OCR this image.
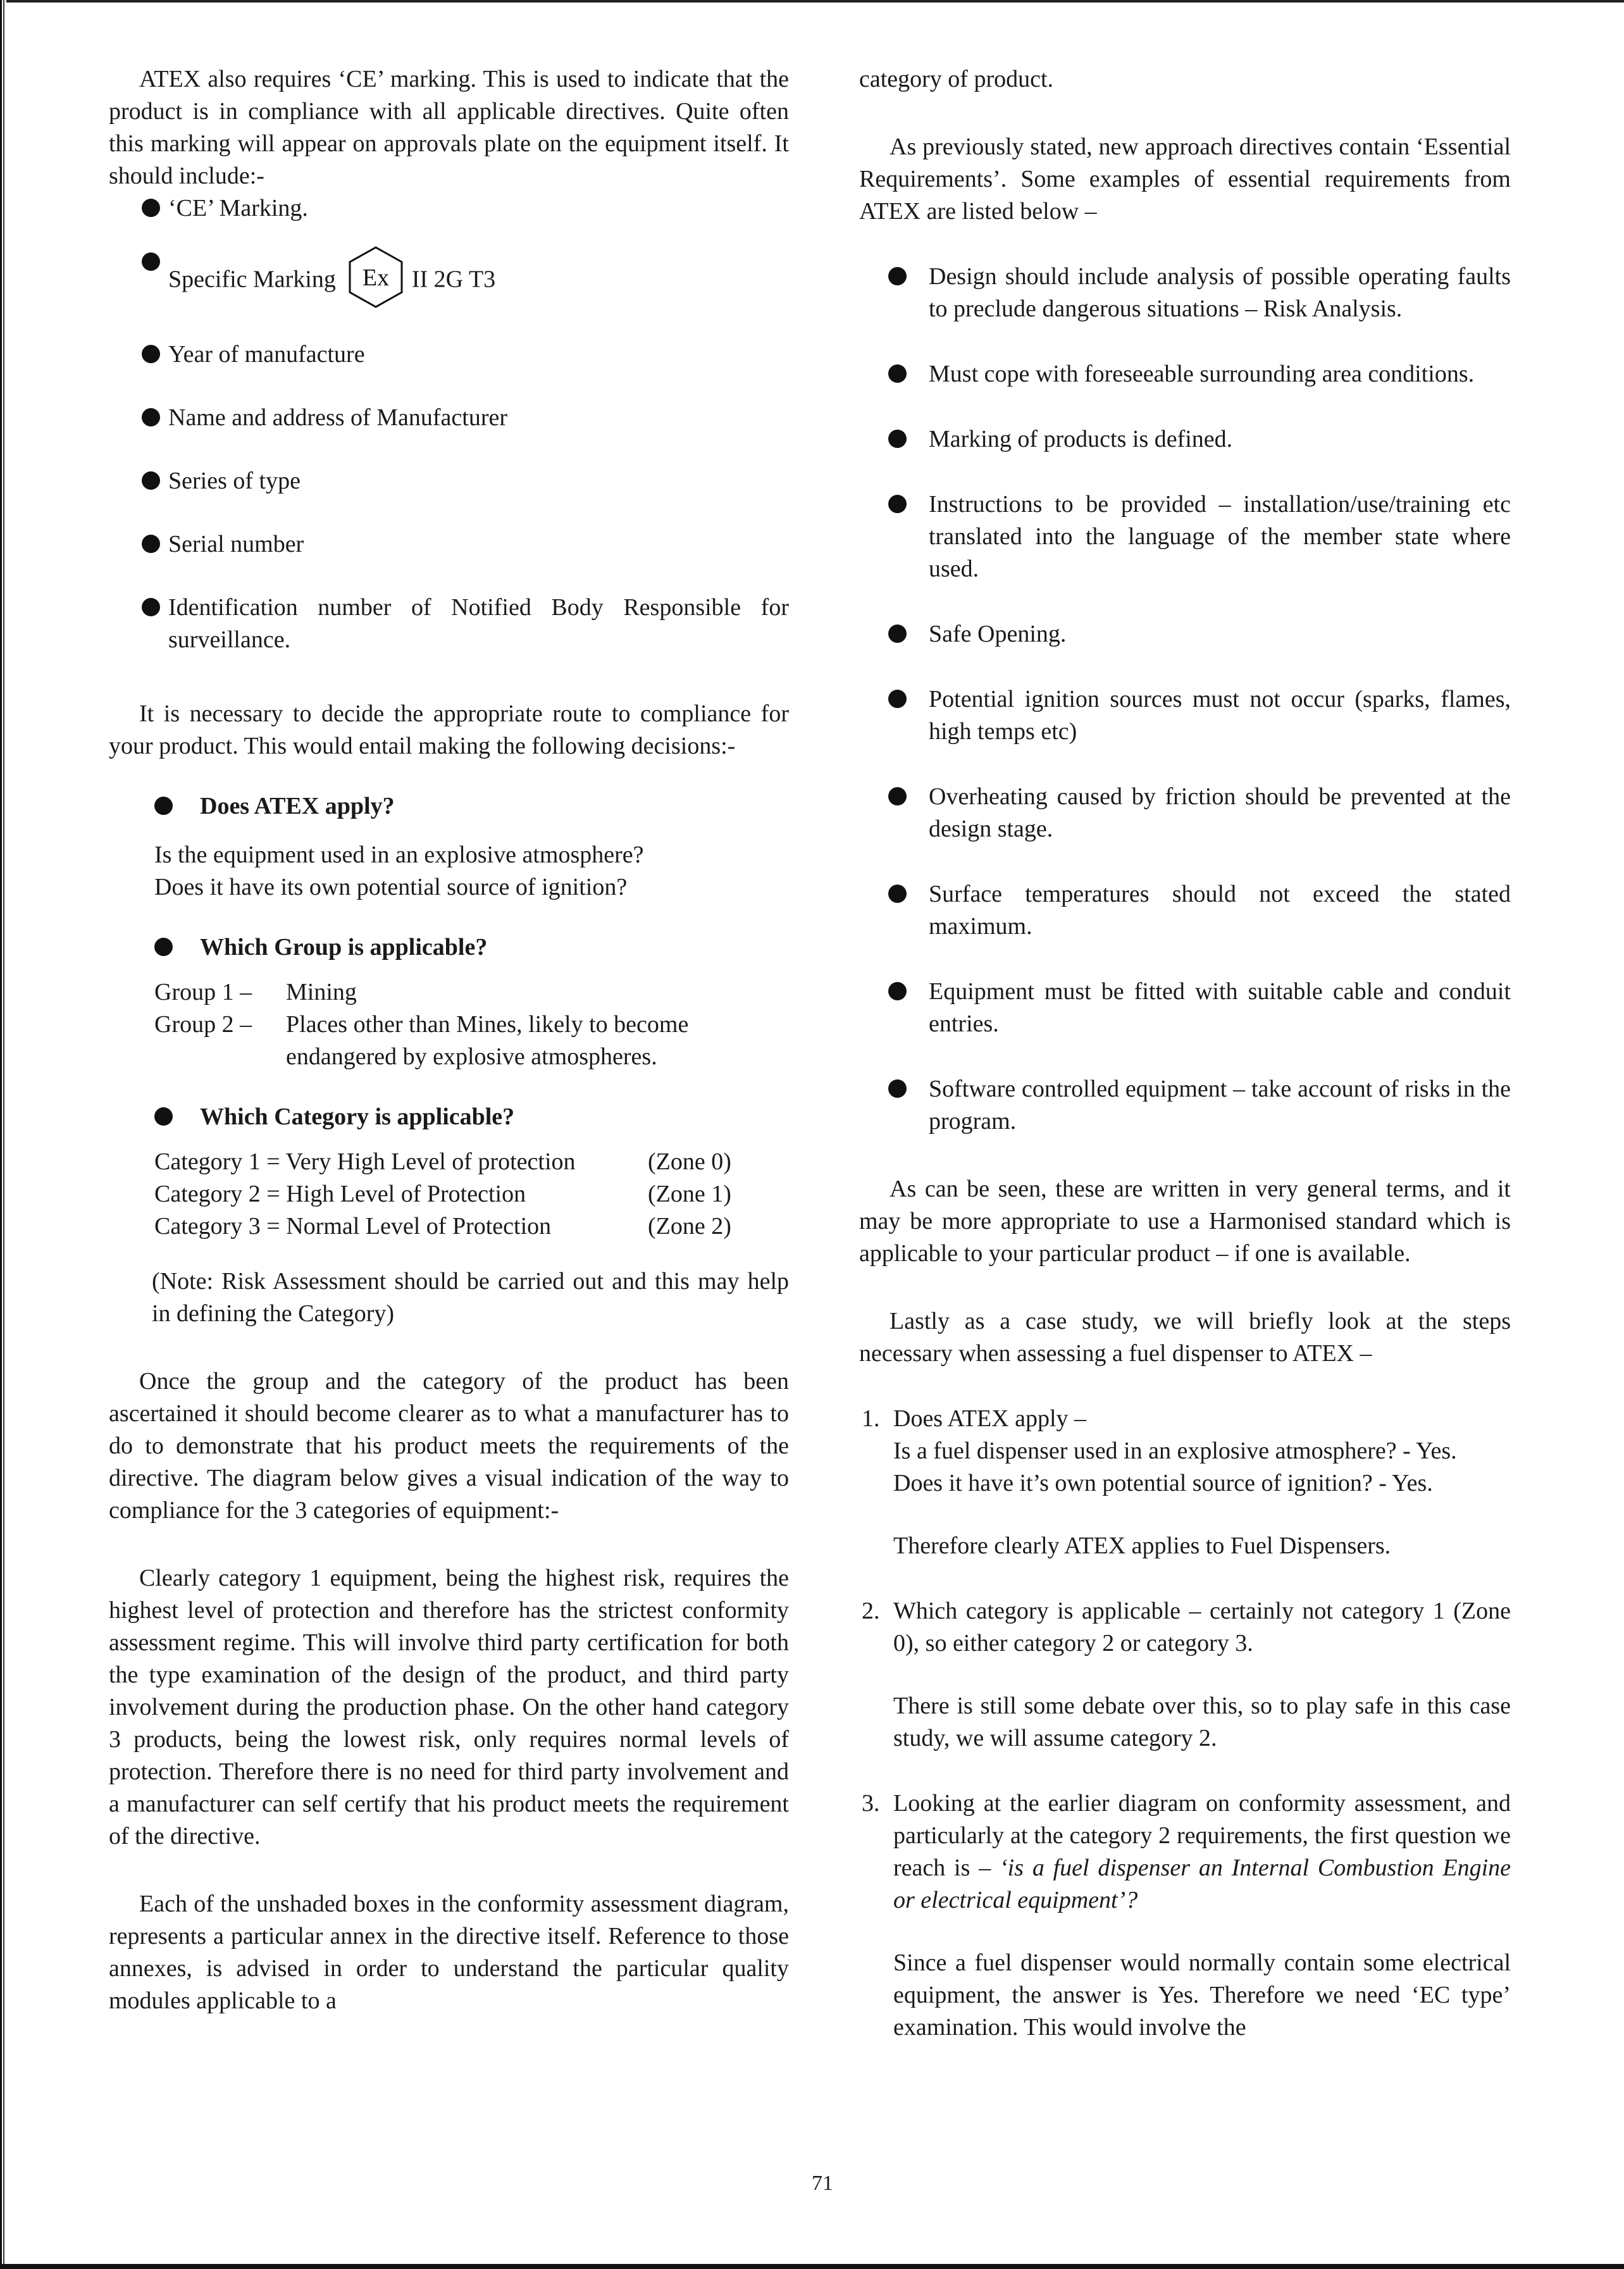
ATEX also requires ‘CE’ marking. This is used to indicate that the product is in compliance with all applicable directives. Quite often this marking will appear on approvals plate on the equipment itself. It should include:-

‘CE’ Marking.
Specific Marking Ex II 2G T3
Year of manufacture
Name and address of Manufacturer
Series of type
Serial number
Identification number of Notified Body Responsible for surveillance.

It is necessary to decide the appropriate route to compliance for your product. This would entail making the following decisions:-

Does ATEX apply?

Is the equipment used in an explosive atmosphere?

Does it have its own potential source of ignition?

Which Group is applicable?
Group 1 –	Mining
Group 2 –	Places other than Mines, likely to become endangered by explosive atmospheres.
Which Category is applicable?
Category 1 = Very High Level of protection	(Zone 0)
Category 2 = High Level of Protection	(Zone 1)
Category 3 = Normal Level of Protection	(Zone 2)

(Note: Risk Assessment should be carried out and this may help in defining the Category)

Once the group and the category of the product has been ascertained it should become clearer as to what a manufacturer has to do to demonstrate that his product meets the requirements of the directive. The diagram below gives a visual indication of the way to compliance for the 3 categories of equipment:-

Clearly category 1 equipment, being the highest risk, requires the highest level of protection and therefore has the strictest conformity assessment regime. This will involve third party certification for both the type examination of the design of the product, and third party involvement during the production phase. On the other hand category 3 products, being the lowest risk, only requires normal levels of protection. Therefore there is no need for third party involvement and a manufacturer can self certify that his product meets the requirement of the directive.

Each of the unshaded boxes in the conformity assessment diagram, represents a particular annex in the directive itself. Reference to those annexes, is advised in order to understand the particular quality modules applicable to a

category of product.

As previously stated, new approach directives contain ‘Essential Requirements’. Some examples of essential requirements from ATEX are listed below –

Design should include analysis of possible operating faults to preclude dangerous situations – Risk Analysis.
Must cope with foreseeable surrounding area conditions.
Marking of products is defined.
Instructions to be provided – installation/use/training etc translated into the language of the member state where used.
Safe Opening.
Potential ignition sources must not occur (sparks, flames, high temps etc)
Overheating caused by friction should be prevented at the design stage.
Surface temperatures should not exceed the stated maximum.
Equipment must be fitted with suitable cable and conduit entries.
Software controlled equipment – take account of risks in the program.

As can be seen, these are written in very general terms, and it may be more appropriate to use a Harmonised standard which is applicable to your particular product – if one is available.

Lastly as a case study, we will briefly look at the steps necessary when assessing a fuel dispenser to ATEX –

1. Does ATEX apply –

Is a fuel dispenser used in an explosive atmosphere? - Yes.

Does it have it’s own potential source of ignition? - Yes.

Therefore clearly ATEX applies to Fuel Dispensers.

2. Which category is applicable – certainly not category 1 (Zone 0), so either category 2 or category 3.

There is still some debate over this, so to play safe in this case study, we will assume category 2.

3. Looking at the earlier diagram on conformity assessment, and particularly at the category 2 requirements, the first question we reach is – ‘is a fuel dispenser an Internal Combustion Engine or electrical equipment’?

Since a fuel dispenser would normally contain some electrical equipment, the answer is Yes. Therefore we need ‘EC type’ examination. This would involve the

71
